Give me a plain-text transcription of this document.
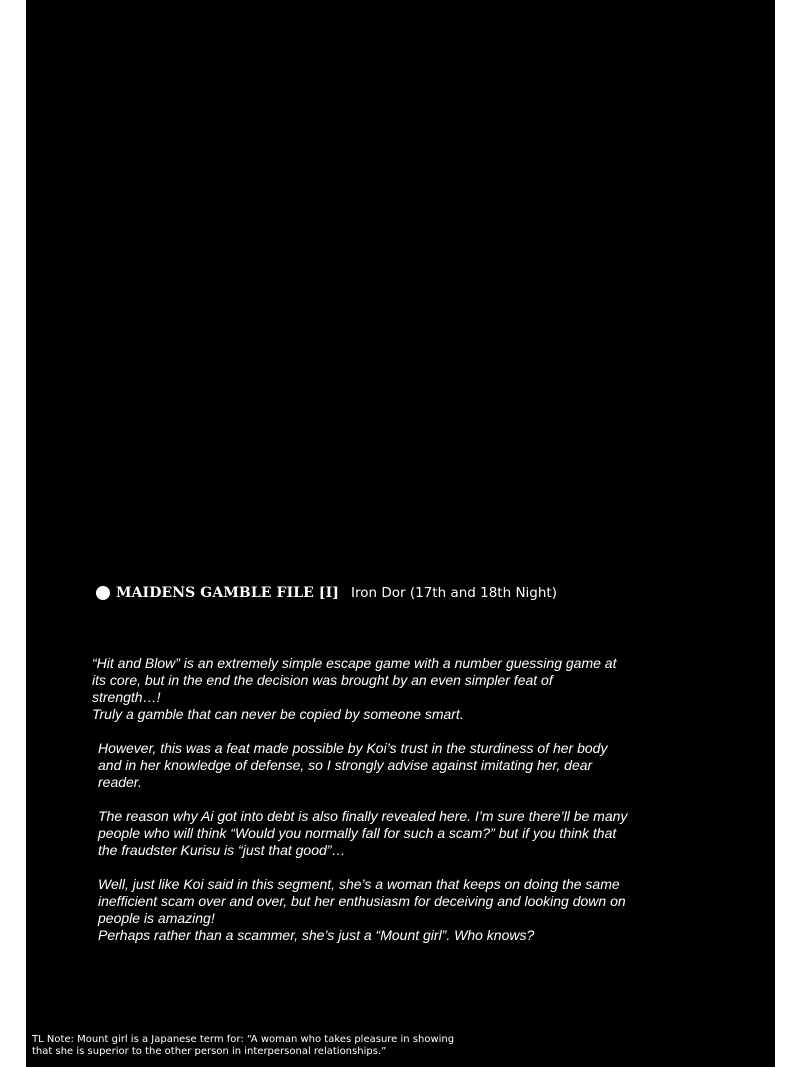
MAIDENS GAMBLE FILE [I] Iron Dor (17th and 18th Night)

“Hit and Blow” is an extremely simple escape game with a number guessing game at
its core, but in the end the decision was brought by an even simpler feat of
strength…!
Truly a gamble that can never be copied by someone smart.

However, this was a feat made possible by Koi’s trust in the sturdiness of her body
and in her knowledge of defense, so I strongly advise against imitating her, dear
reader.

The reason why Ai got into debt is also finally revealed here. I’m sure there’ll be many
people who will think “Would you normally fall for such a scam?” but if you think that
the fraudster Kurisu is “just that good”…

Well, just like Koi said in this segment, she’s a woman that keeps on doing the same
inefficient scam over and over, but her enthusiasm for deceiving and looking down on
people is amazing!
Perhaps rather than a scammer, she’s just a “Mount girl”. Who knows?

TL Note: Mount girl is a Japanese term for: “A woman who takes pleasure in showing
that she is superior to the other person in interpersonal relationships.”
